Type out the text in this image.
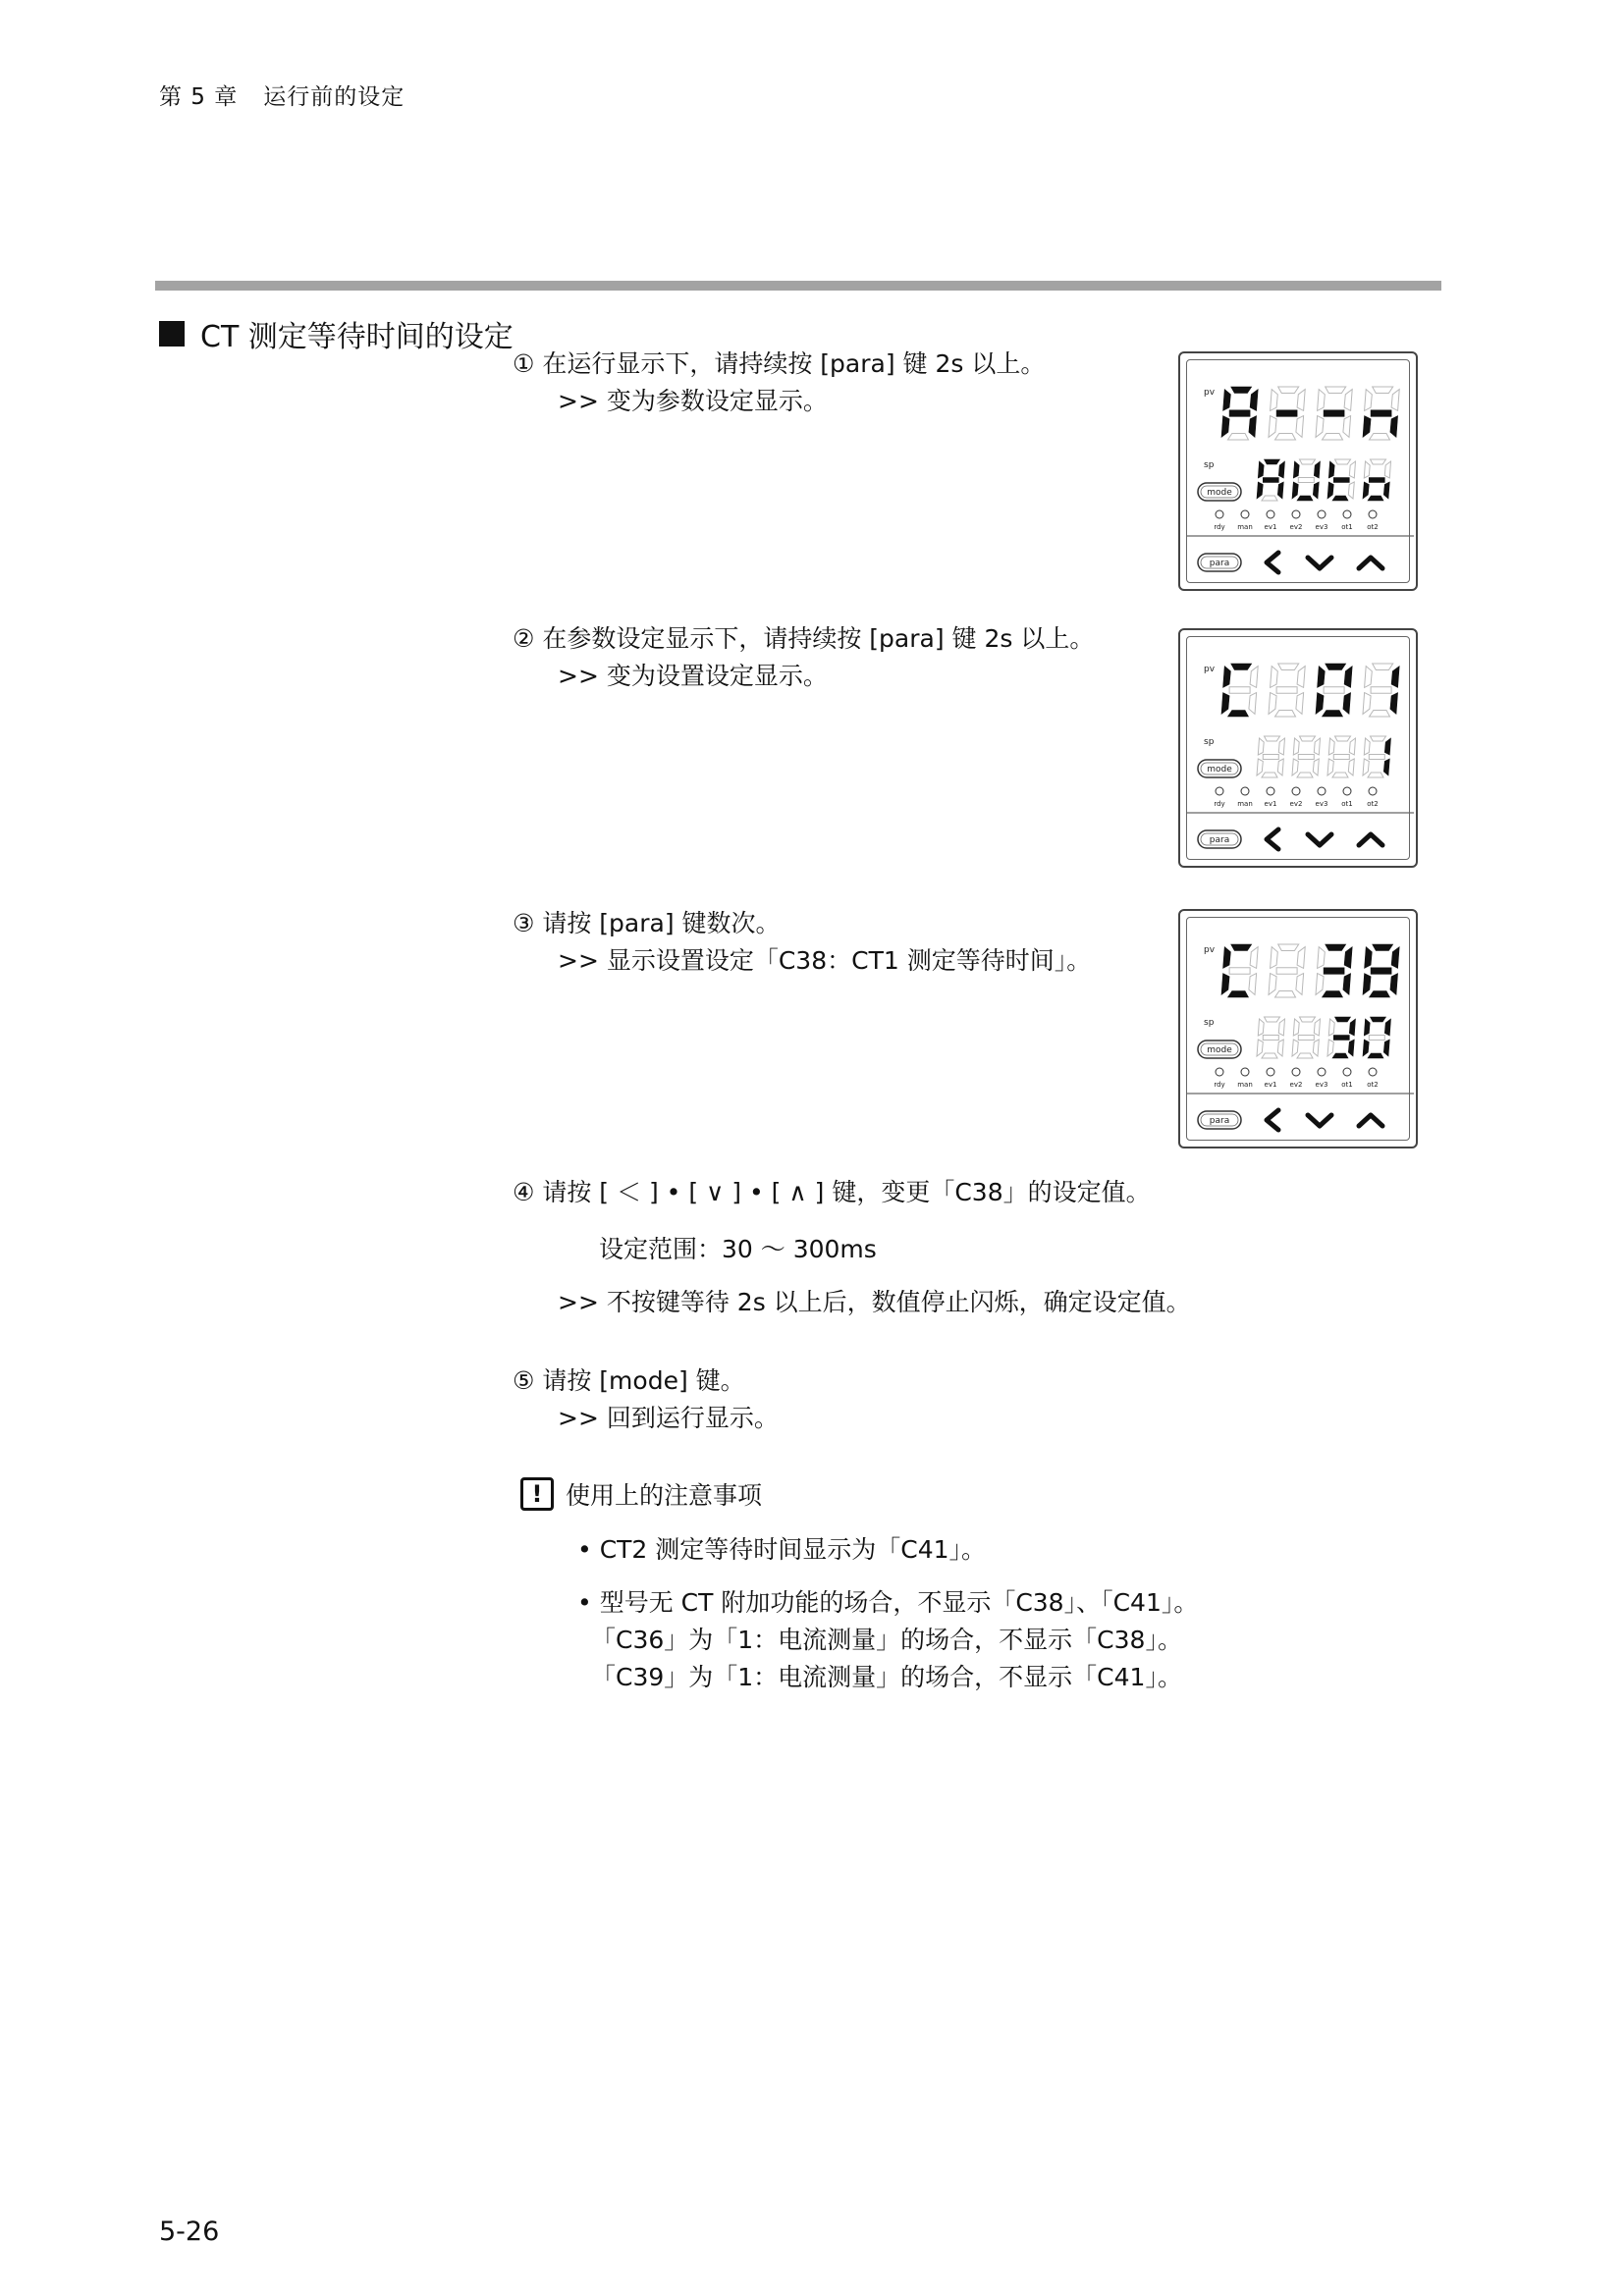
第 5 章 运行前的设定
CT 测定等待时间的设定
① 在运行显示下，请持续按 [para] 键 2s 以上。
>> 变为参数设定显示。
② 在参数设定显示下，请持续按 [para] 键 2s 以上。
>> 变为设置设定显示。
③ 请按 [para] 键数次。
>> 显示设置设定「C38：CT1 测定等待时间」。
④ 请按 [ ＜ ] • [ ∨ ] • [ ∧ ] 键，变更「C38」的设定值。
设定范围：30 ～ 300ms
>> 不按键等待 2s 以上后，数值停止闪烁，确定设定值。
⑤ 请按 [mode] 键。
>> 回到运行显示。
pv
sp
mode
rdy man ev1 ev2 ev3 ot1 ot2
para
pv
sp
mode
rdy man ev1 ev2 ev3 ot1 ot2
para
pv
sp
mode
rdy man ev1 ev2 ev3 ot1 ot2
para
! 使用上的注意事项
• CT2 测定等待时间显示为「C41」。
• 型号无 CT 附加功能的场合，不显示「C38」、「C41」。
「C36」为「1：电流测量」的场合，不显示「C38」。
「C39」为「1：电流测量」的场合，不显示「C41」。
5-26
